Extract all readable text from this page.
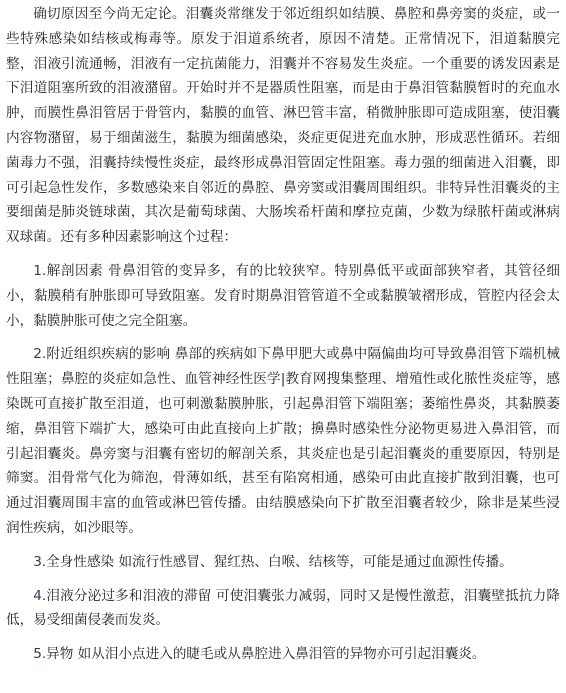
确切原因至今尚无定论。泪囊炎常继发于邻近组织如结膜、鼻腔和鼻旁窦的炎症，或一些特殊感染如结核或梅毒等。原发于泪道系统者，原因不清楚。正常情况下，泪道黏膜完整，泪液引流通畅，泪液有一定抗菌能力，泪囊并不容易发生炎症。一个重要的诱发因素是下泪道阻塞所致的泪液潴留。开始时并不是器质性阻塞，而是由于鼻泪管黏膜暂时的充血水肿，而膜性鼻泪管居于骨管内，黏膜的血管、淋巴管丰富，稍微肿胀即可造成阻塞，使泪囊内容物潴留，易于细菌滋生，黏膜为细菌感染，炎症更促进充血水肿，形成恶性循环。若细菌毒力不强，泪囊持续慢性炎症，最终形成鼻泪管固定性阻塞。毒力强的细菌进入泪囊，即可引起急性发作，多数感染来自邻近的鼻腔、鼻旁窦或泪囊周围组织。非特异性泪囊炎的主要细菌是肺炎链球菌，其次是葡萄球菌、大肠埃希杆菌和摩拉克菌，少数为绿脓杆菌或淋病双球菌。还有多种因素影响这个过程：

1.解剖因素 骨鼻泪管的变异多，有的比较狭窄。特别鼻低平或面部狭窄者，其管径细小，黏膜稍有肿胀即可导致阻塞。发育时期鼻泪管管道不全或黏膜皱褶形成，管腔内径会太小，黏膜肿胀可使之完全阻塞。

2.附近组织疾病的影响 鼻部的疾病如下鼻甲肥大或鼻中隔偏曲均可导致鼻泪管下端机械性阻塞；鼻腔的炎症如急性、血管神经性医学|教育网搜集整理、增殖性或化脓性炎症等，感染既可直接扩散至泪道，也可刺激黏膜肿胀，引起鼻泪管下端阻塞；萎缩性鼻炎，其黏膜萎缩，鼻泪管下端扩大，感染可由此直接向上扩散；擤鼻时感染性分泌物更易进入鼻泪管，而引起泪囊炎。鼻旁窦与泪囊有密切的解剖关系，其炎症也是引起泪囊炎的重要原因，特别是筛窦。泪骨常气化为筛泡，骨薄如纸，甚至有陷窝相通，感染可由此直接扩散到泪囊，也可通过泪囊周围丰富的血管或淋巴管传播。由结膜感染向下扩散至泪囊者较少，除非是某些浸润性疾病，如沙眼等。

3.全身性感染 如流行性感冒、猩红热、白喉、结核等，可能是通过血源性传播。

4.泪液分泌过多和泪液的滞留 可使泪囊张力减弱，同时又是慢性激惹，泪囊壁抵抗力降低，易受细菌侵袭而发炎。

5.异物 如从泪小点进入的睫毛或从鼻腔进入鼻泪管的异物亦可引起泪囊炎。
